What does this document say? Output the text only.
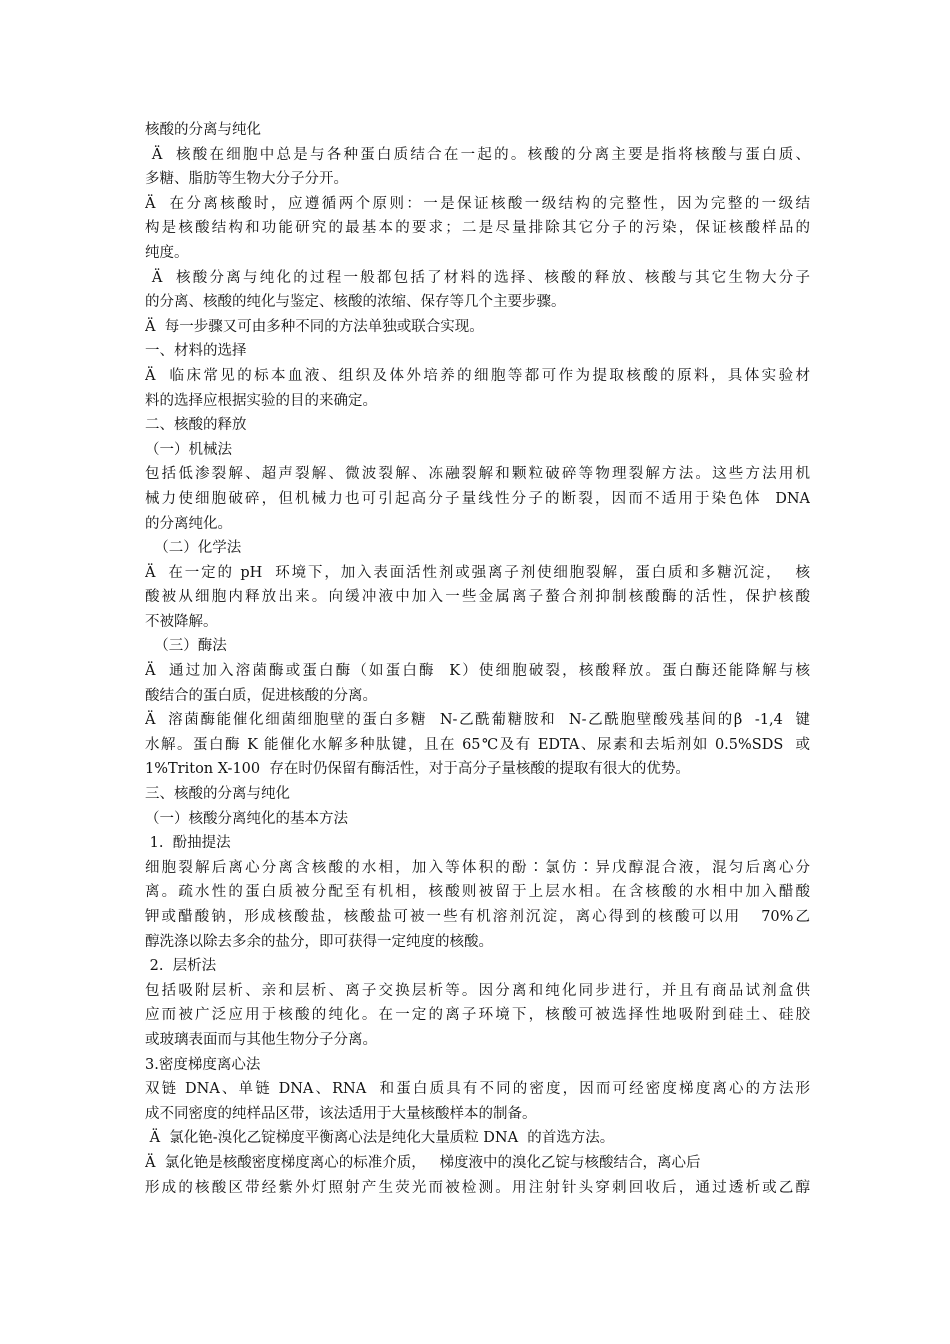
核酸的分离与纯化
Ä  核酸在细胞中总是与各种蛋白质结合在一起的。核酸的分离主要是指将核酸与蛋白质、
多糖、脂肪等生物大分子分开。
Ä  在分离核酸时，应遵循两个原则：一是保证核酸一级结构的完整性，因为完整的一级结
构是核酸结构和功能研究的最基本的要求；二是尽量排除其它分子的污染，保证核酸样品的
纯度。
Ä  核酸分离与纯化的过程一般都包括了材料的选择、核酸的释放、核酸与其它生物大分子
的分离、核酸的纯化与鉴定、核酸的浓缩、保存等几个主要步骤。
Ä  每一步骤又可由多种不同的方法单独或联合实现。
一、材料的选择
Ä  临床常见的标本血液、组织及体外培养的细胞等都可作为提取核酸的原料，具体实验材
料的选择应根据实验的目的来确定。
二、核酸的释放
（一）机械法
包括低渗裂解、超声裂解、微波裂解、冻融裂解和颗粒破碎等物理裂解方法。这些方法用机
械力使细胞破碎，但机械力也可引起高分子量线性分子的断裂，因而不适用于染色体  DNA
的分离纯化。
（二）化学法
Ä  在一定的 pH  环境下，加入表面活性剂或强离子剂使细胞裂解，蛋白质和多糖沉淀，  核
酸被从细胞内释放出来。向缓冲液中加入一些金属离子螯合剂抑制核酸酶的活性，保护核酸
不被降解。
（三）酶法
Ä  通过加入溶菌酶或蛋白酶（如蛋白酶  K）使细胞破裂，核酸释放。蛋白酶还能降解与核
酸结合的蛋白质，促进核酸的分离。
Ä  溶菌酶能催化细菌细胞壁的蛋白多糖  N-乙酰葡糖胺和  N-乙酰胞壁酸残基间的β  -1,4  键
水解。蛋白酶 K 能催化水解多种肽键，且在 65℃及有 EDTA、尿素和去垢剂如 0.5%SDS  或
1%Triton X-100  存在时仍保留有酶活性，对于高分子量核酸的提取有很大的优势。
三、核酸的分离与纯化
（一）核酸分离纯化的基本方法
1.  酚抽提法
细胞裂解后离心分离含核酸的水相，加入等体积的酚∶氯仿∶异戊醇混合液，混匀后离心分
离。疏水性的蛋白质被分配至有机相，核酸则被留于上层水相。在含核酸的水相中加入醋酸
钾或醋酸钠，形成核酸盐，核酸盐可被一些有机溶剂沉淀，离心得到的核酸可以用   70%乙
醇洗涤以除去多余的盐分，即可获得一定纯度的核酸。
2.  层析法
包括吸附层析、亲和层析、离子交换层析等。因分离和纯化同步进行，并且有商品试剂盒供
应而被广泛应用于核酸的纯化。在一定的离子环境下，核酸可被选择性地吸附到硅土、硅胶
或玻璃表面而与其他生物分子分离。
3.密度梯度离心法
双链 DNA、单链 DNA、RNA  和蛋白质具有不同的密度，因而可经密度梯度离心的方法形
成不同密度的纯样品区带，该法适用于大量核酸样本的制备。
Ä  氯化铯-溴化乙锭梯度平衡离心法是纯化大量质粒 DNA  的首选方法。
Ä  氯化铯是核酸密度梯度离心的标准介质，   梯度液中的溴化乙锭与核酸结合，离心后
形成的核酸区带经紫外灯照射产生荧光而被检测。用注射针头穿刺回收后，通过透析或乙醇
